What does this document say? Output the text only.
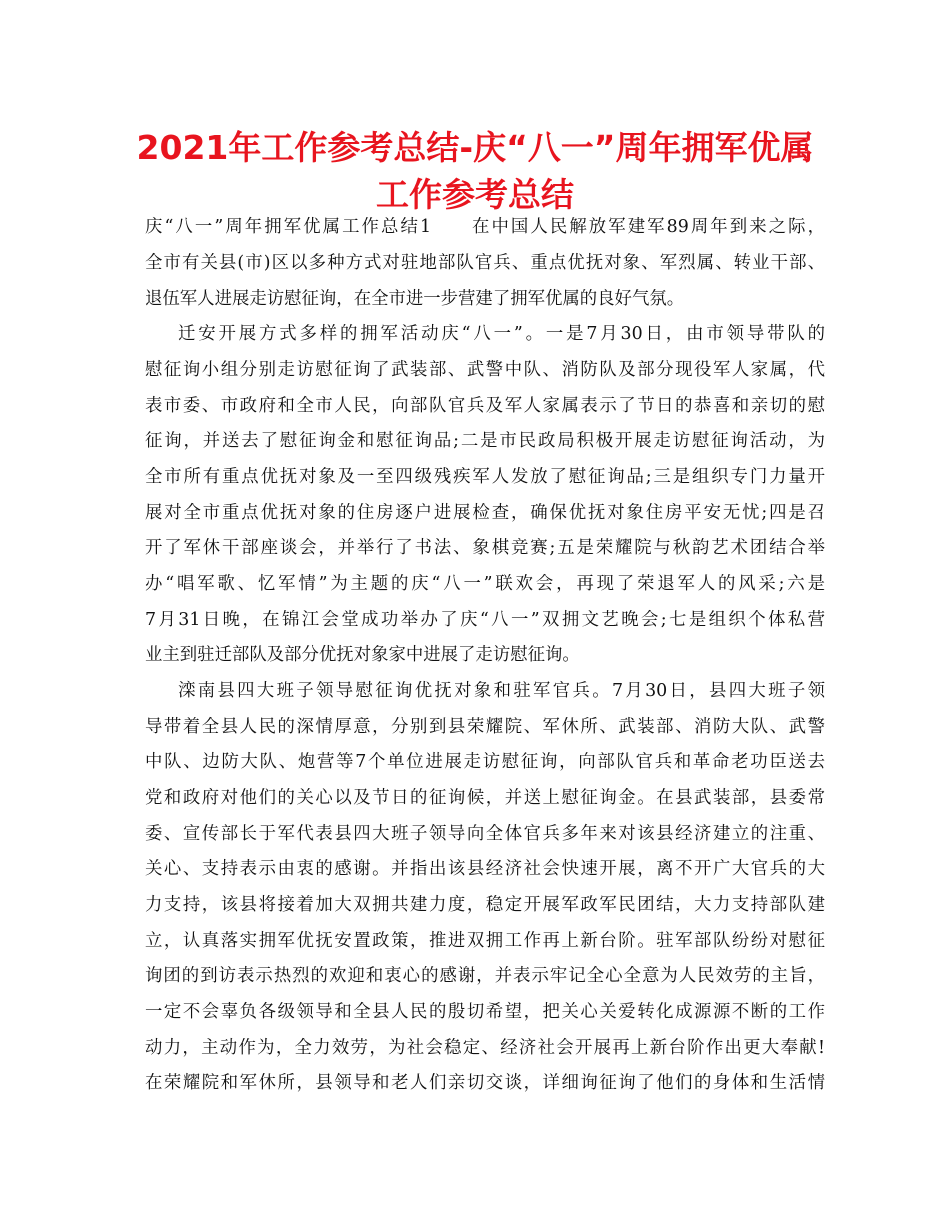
2021年工作参考总结-庆“八一”周年拥军优属
工作参考总结
庆“八一”周年拥军优属工作总结1　　在中国人民解放军建军89周年到来之际，
全市有关县(市)区以多种方式对驻地部队官兵、重点优抚对象、军烈属、转业干部、
退伍军人进展走访慰征询，在全市进一步营建了拥军优属的良好气氛。
迁安开展方式多样的拥军活动庆“八一”。一是7月30日，由市领导带队的
慰征询小组分别走访慰征询了武装部、武警中队、消防队及部分现役军人家属，代
表市委、市政府和全市人民，向部队官兵及军人家属表示了节日的恭喜和亲切的慰
征询，并送去了慰征询金和慰征询品;二是市民政局积极开展走访慰征询活动，为
全市所有重点优抚对象及一至四级残疾军人发放了慰征询品;三是组织专门力量开
展对全市重点优抚对象的住房逐户进展检查，确保优抚对象住房平安无忧;四是召
开了军休干部座谈会，并举行了书法、象棋竞赛;五是荣耀院与秋韵艺术团结合举
办“唱军歌、忆军情”为主题的庆“八一”联欢会，再现了荣退军人的风采;六是
7月31日晚，在锦江会堂成功举办了庆“八一”双拥文艺晚会;七是组织个体私营
业主到驻迁部队及部分优抚对象家中进展了走访慰征询。
滦南县四大班子领导慰征询优抚对象和驻军官兵。7月30日，县四大班子领
导带着全县人民的深情厚意，分别到县荣耀院、军休所、武装部、消防大队、武警
中队、边防大队、炮营等7个单位进展走访慰征询，向部队官兵和革命老功臣送去
党和政府对他们的关心以及节日的征询候，并送上慰征询金。在县武装部，县委常
委、宣传部长于军代表县四大班子领导向全体官兵多年来对该县经济建立的注重、
关心、支持表示由衷的感谢。并指出该县经济社会快速开展，离不开广大官兵的大
力支持，该县将接着加大双拥共建力度，稳定开展军政军民团结，大力支持部队建
立，认真落实拥军优抚安置政策，推进双拥工作再上新台阶。驻军部队纷纷对慰征
询团的到访表示热烈的欢迎和衷心的感谢，并表示牢记全心全意为人民效劳的主旨，
一定不会辜负各级领导和全县人民的殷切希望，把关心关爱转化成源源不断的工作
动力，主动作为，全力效劳，为社会稳定、经济社会开展再上新台阶作出更大奉献!
在荣耀院和军休所，县领导和老人们亲切交谈，详细询征询了他们的身体和生活情
